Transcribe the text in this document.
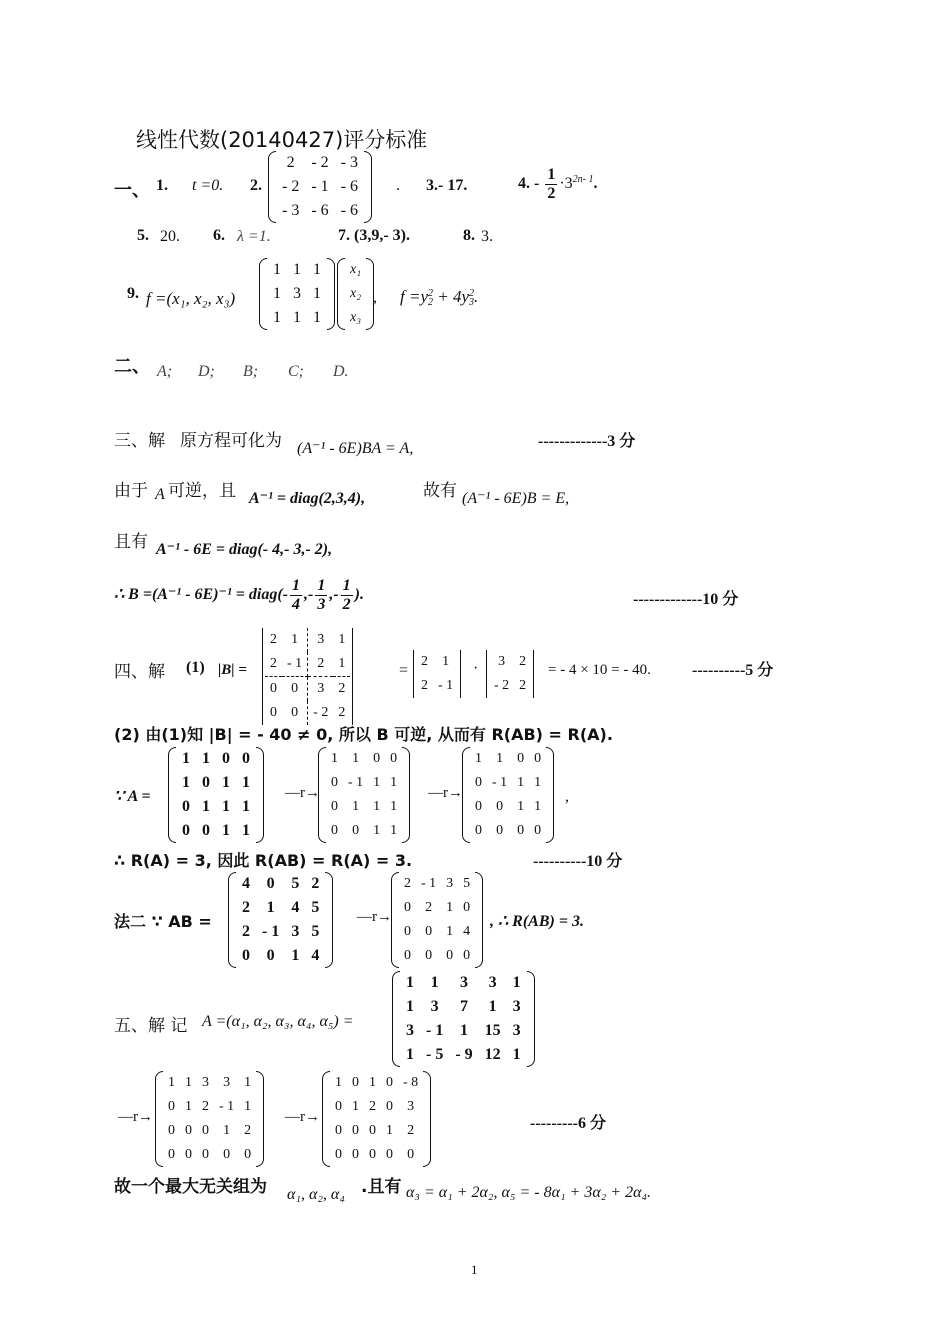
线性代数(20140427)评分标准
一、 1. t =0. 2.
2	- 2	- 3
- 2	- 1	- 6
- 3	- 6	- 6
. 3.- 17.	4. - $\frac{1}{2} \cdot 3^{2n- 1}$.
5. 20. 6. λ =1.	7. (3,9,- 3).	8. 3.
9. f =(x₁, x₂, x₃)
1	1	1
1	3	1
1	1	1
x₁
x₂
x₃
, f =y 2
2 + 4y 2
3 .
二、 A; D; B; C; D.
三、解 原方程可化为 (A⁻¹ - 6E)BA = A,	-------------3 分
由于 A 可逆，且 A⁻¹ = diag(2,3,4),	故有 (A⁻¹ - 6E)B = E,
且有 A⁻¹ - 6E = diag(- 4,- 3,- 2),
∴ B =(A⁻¹ - 6E)⁻¹ = diag(- $\frac{1}{4}$ ,- $\frac{1}{3}$ ,- $\frac{1}{2}$ ).	-------------10 分
四、解 (1) |B| =
2	1	3	1
2	- 1	2	1
0	0	3	2
0	0	- 2	2
=
2	1
2	- 1
· 3	2
- 2	2
= - 4 × 10 = - 40.	----------5 分
(2) 由(1)知 |B| = - 40 ≠ 0, 所以 B 可逆, 从而有 R(AB) = R(A).
∵ A =
1	1	0	0
1	0	1	1
0	1	1	1
0	0	1	1
—r→
1	1	0	0
0	- 1	1	1
0	1	1	1
0	0	1	1
—r→
1	1	0	0
0	- 1	1	1
0	0	1	1
0	0	0	0
,
∴ R(A) = 3, 因此 R(AB) = R(A) = 3.	----------10 分
法二 ∵ AB =
4	0	5	2
2	1	4	5
2	- 1	3	5
0	0	1	4
—r→
2	- 1	3	5
0	2	1	0
0	0	1	4
0	0	0	0
, ∴ R(AB) = 3.
五、解 记 A =(α₁, α₂, α₃, α₄, α₅) =
1	1	3	3	1
1	3	7	1	3
3	- 1	1	15	3
1	- 5	- 9	12	1
—r→
1	1	3	3	1
0	1	2	- 1	1
0	0	0	1	2
0	0	0	0	0
—r→
1	0	1	0	- 8
0	1	2	0	3
0	0	0	1	2
0	0	0	0	0
---------6 分
故一个最大无关组为 α₁, α₂, α₄ .且有 α₃ = α₁ + 2α₂, α₅ = - 8α₁ + 3α₂ + 2α₄.
1
